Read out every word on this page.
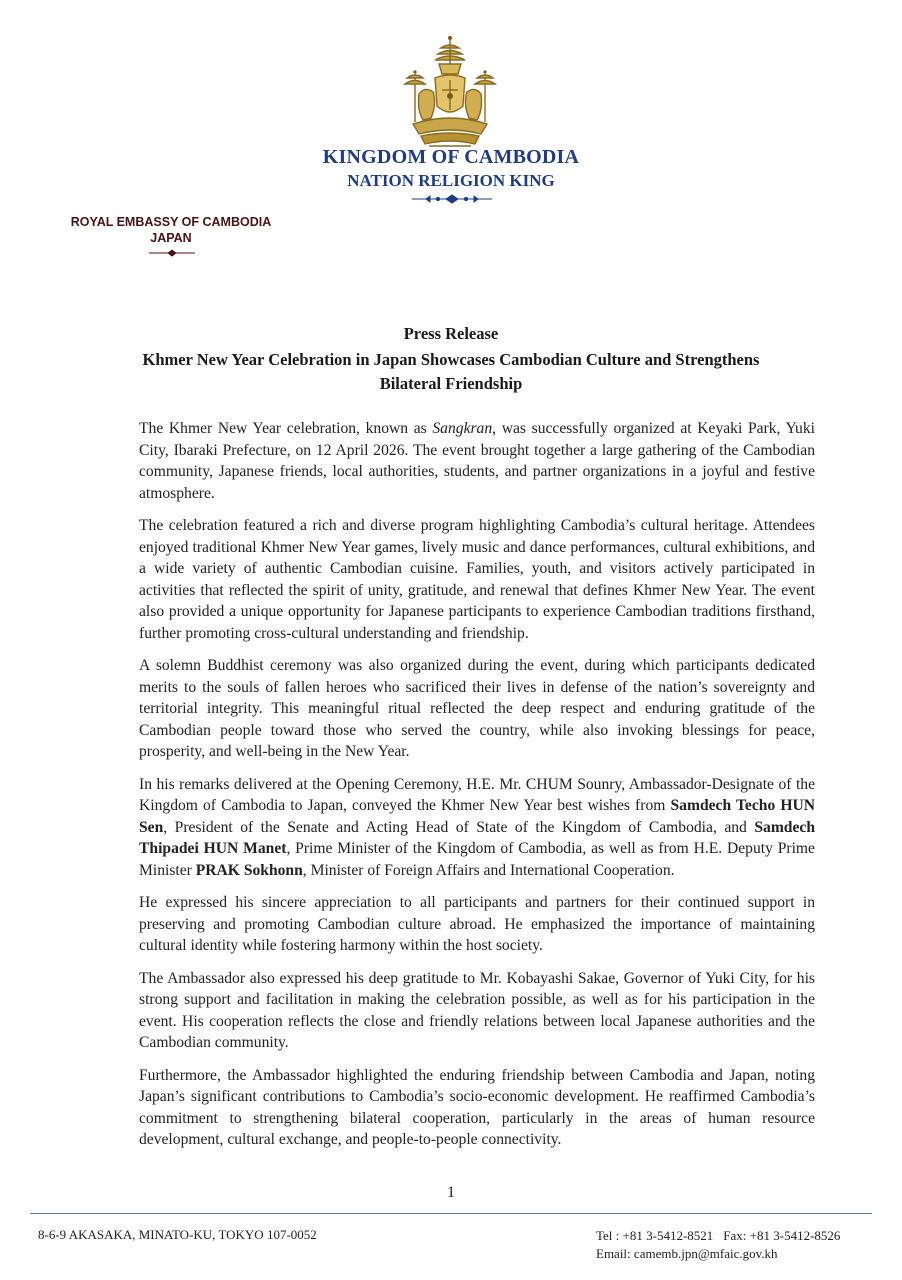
KINGDOM OF CAMBODIA
NATION RELIGION KING
ROYAL EMBASSY OF CAMBODIA
JAPAN
Press Release
Khmer New Year Celebration in Japan Showcases Cambodian Culture and Strengthens Bilateral Friendship

The Khmer New Year celebration, known as Sangkran, was successfully organized at Keyaki Park, Yuki City, Ibaraki Prefecture, on 12 April 2026. The event brought together a large gathering of the Cambodian community, Japanese friends, local authorities, students, and partner organizations in a joyful and festive atmosphere.

The celebration featured a rich and diverse program highlighting Cambodia’s cultural heritage. Attendees enjoyed traditional Khmer New Year games, lively music and dance performances, cultural exhibitions, and a wide variety of authentic Cambodian cuisine. Families, youth, and visitors actively participated in activities that reflected the spirit of unity, gratitude, and renewal that defines Khmer New Year. The event also provided a unique opportunity for Japanese participants to experience Cambodian traditions firsthand, further promoting cross-cultural understanding and friendship.

A solemn Buddhist ceremony was also organized during the event, during which participants dedicated merits to the souls of fallen heroes who sacrificed their lives in defense of the nation’s sovereignty and territorial integrity. This meaningful ritual reflected the deep respect and enduring gratitude of the Cambodian people toward those who served the country, while also invoking blessings for peace, prosperity, and well-being in the New Year.

In his remarks delivered at the Opening Ceremony, H.E. Mr. CHUM Sounry, Ambassador-Designate of the Kingdom of Cambodia to Japan, conveyed the Khmer New Year best wishes from Samdech Techo HUN Sen, President of the Senate and Acting Head of State of the Kingdom of Cambodia, and Samdech Thipadei HUN Manet, Prime Minister of the Kingdom of Cambodia, as well as from H.E. Deputy Prime Minister PRAK Sokhonn, Minister of Foreign Affairs and International Cooperation.

He expressed his sincere appreciation to all participants and partners for their continued support in preserving and promoting Cambodian culture abroad. He emphasized the importance of maintaining cultural identity while fostering harmony within the host society.

The Ambassador also expressed his deep gratitude to Mr. Kobayashi Sakae, Governor of Yuki City, for his strong support and facilitation in making the celebration possible, as well as for his participation in the event. His cooperation reflects the close and friendly relations between local Japanese authorities and the Cambodian community.

Furthermore, the Ambassador highlighted the enduring friendship between Cambodia and Japan, noting Japan’s significant contributions to Cambodia’s socio-economic development. He reaffirmed Cambodia’s commitment to strengthening bilateral cooperation, particularly in the areas of human resource development, cultural exchange, and people-to-people connectivity.

1
8-6-9 AKASAKA, MINATO-KU, TOKYO 107-0052	Tel : +81 3-5412-8521 Fax: +81 3-5412-8526
Email: camemb.jpn@mfaic.gov.kh
